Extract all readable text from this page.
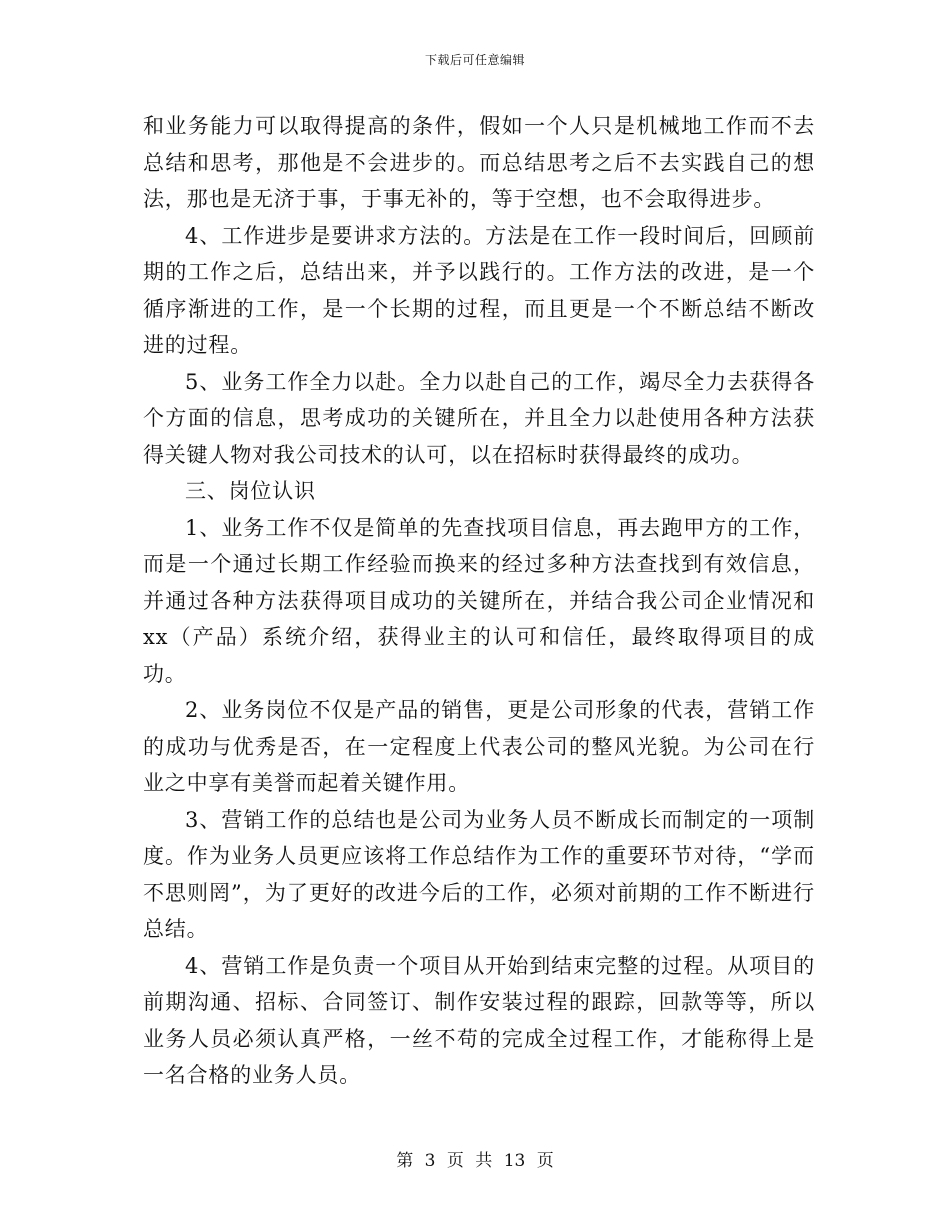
下载后可任意编辑

和业务能力可以取得提高的条件，假如一个人只是机械地工作而不去总结和思考，那他是不会进步的。而总结思考之后不去实践自己的想法，那也是无济于事，于事无补的，等于空想，也不会取得进步。

4、工作进步是要讲求方法的。方法是在工作一段时间后，回顾前期的工作之后，总结出来，并予以践行的。工作方法的改进，是一个循序渐进的工作，是一个长期的过程，而且更是一个不断总结不断改进的过程。

5、业务工作全力以赴。全力以赴自己的工作，竭尽全力去获得各个方面的信息，思考成功的关键所在，并且全力以赴使用各种方法获得关键人物对我公司技术的认可，以在招标时获得最终的成功。

三、岗位认识

1、业务工作不仅是简单的先查找项目信息，再去跑甲方的工作，而是一个通过长期工作经验而换来的经过多种方法查找到有效信息，并通过各种方法获得项目成功的关键所在，并结合我公司企业情况和xx（产品）系统介绍，获得业主的认可和信任，最终取得项目的成功。

2、业务岗位不仅是产品的销售，更是公司形象的代表，营销工作的成功与优秀是否，在一定程度上代表公司的整风光貌。为公司在行业之中享有美誉而起着关键作用。

3、营销工作的总结也是公司为业务人员不断成长而制定的一项制度。作为业务人员更应该将工作总结作为工作的重要环节对待，“学而不思则罔”，为了更好的改进今后的工作，必须对前期的工作不断进行总结。

4、营销工作是负责一个项目从开始到结束完整的过程。从项目的前期沟通、招标、合同签订、制作安装过程的跟踪，回款等等，所以业务人员必须认真严格，一丝不苟的完成全过程工作，才能称得上是一名合格的业务人员。

第 3 页 共 13 页
